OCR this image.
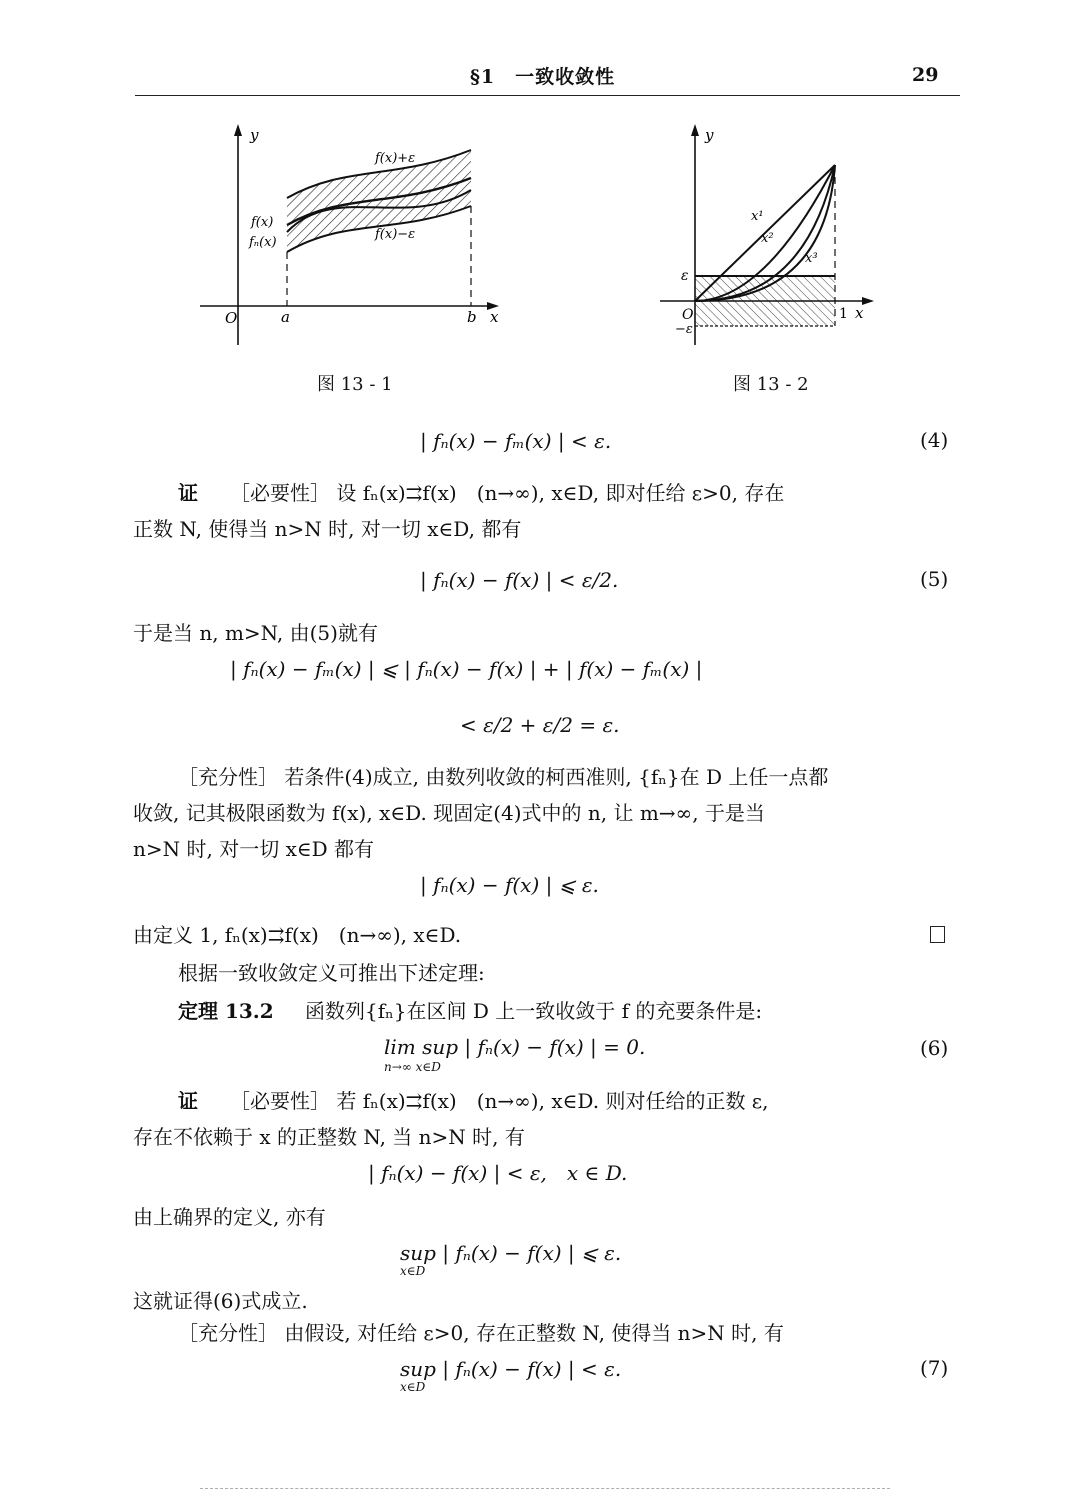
§1　一致收敛性	29
y
O	a	b x
f(x)+ε
f(x)−ε
f(x)
fₙ(x)
图 13 - 1
y
ε
O
−ε
1 x
x¹
x²
x³
图 13 - 2
| fₙ(x) − fₘ(x) | < ε.	(4)
证 ［必要性］ 设 fₙ(x)⇉f(x)　(n→∞), x∈D, 即对任给 ε>0, 存在
正数 N, 使得当 n>N 时, 对一切 x∈D, 都有
| fₙ(x) − f(x) | < ε/2.	(5)
于是当 n, m>N, 由(5)就有
| fₙ(x) − fₘ(x) | ⩽ | fₙ(x) − f(x) | + | f(x) − fₘ(x) |
< ε/2 + ε/2 = ε.
［充分性］ 若条件(4)成立, 由数列收敛的柯西准则, {fₙ}在 D 上任一点都
收敛, 记其极限函数为 f(x), x∈D. 现固定(4)式中的 n, 让 m→∞, 于是当
n>N 时, 对一切 x∈D 都有
| fₙ(x) − f(x) | ⩽ ε.
由定义 1, fₙ(x)⇉f(x)　(n→∞), x∈D.
根据一致收敛定义可推出下述定理:
定理 13.2 函数列{fₙ}在区间 D 上一致收敛于 f 的充要条件是:
lim sup | fₙ(x) − f(x) | = 0.
n→∞ x∈D
(6)
证 ［必要性］ 若 fₙ(x)⇉f(x)　(n→∞), x∈D. 则对任给的正数 ε,
存在不依赖于 x 的正整数 N, 当 n>N 时, 有
| fₙ(x) − f(x) | < ε,　x ∈ D.
由上确界的定义, 亦有
sup | fₙ(x) − f(x) | ⩽ ε.
x∈D
这就证得(6)式成立.
［充分性］ 由假设, 对任给 ε>0, 存在正整数 N, 使得当 n>N 时, 有
sup | fₙ(x) − f(x) | < ε.
x∈D
(7)
